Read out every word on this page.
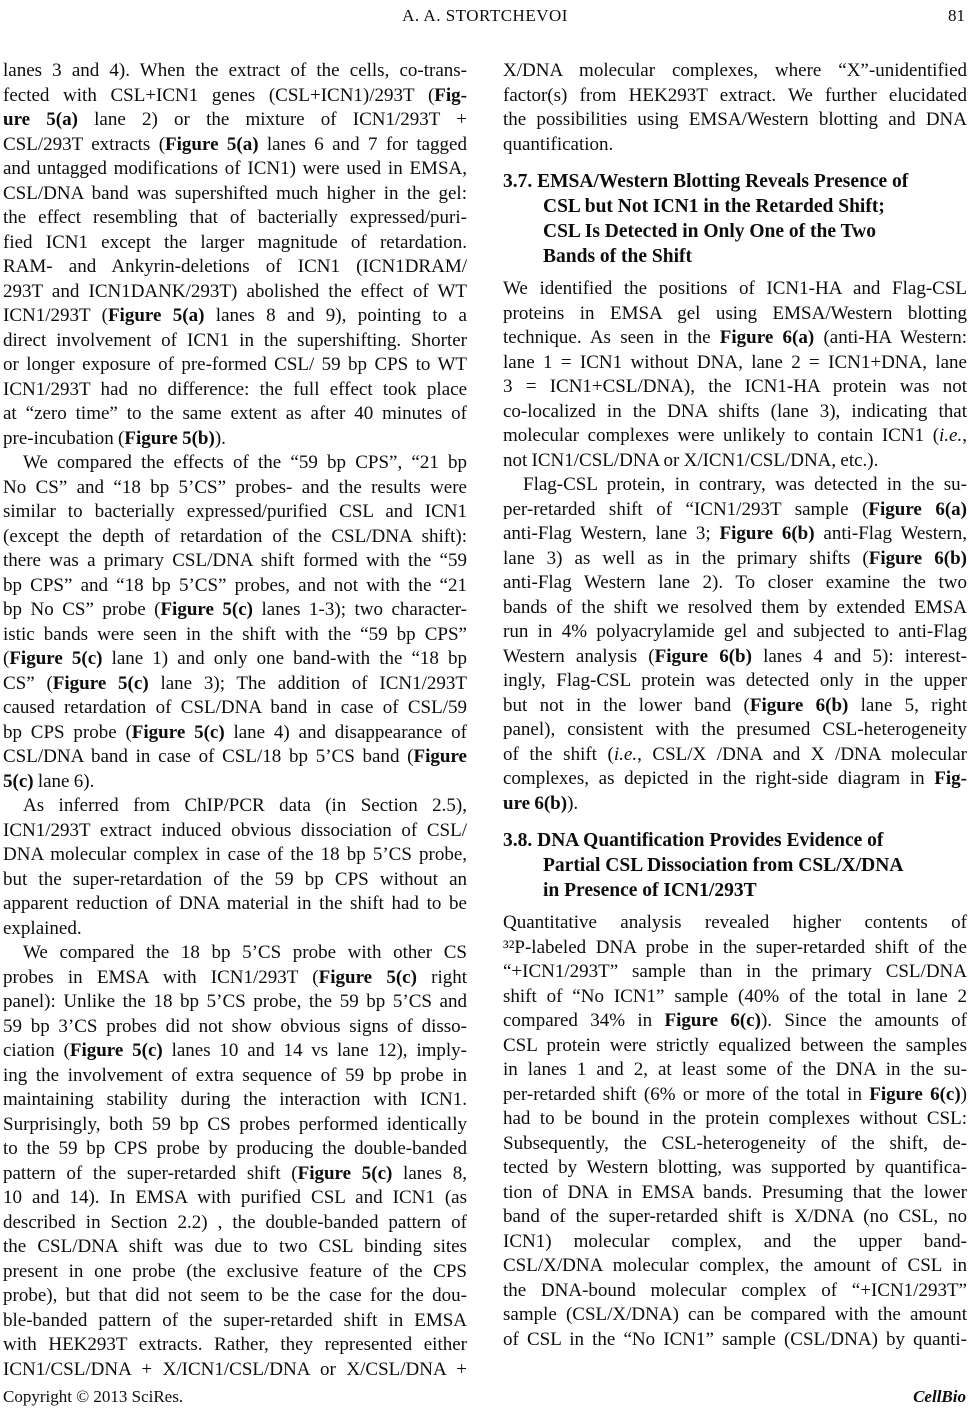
A. A. STORTCHEVOI	81
lanes 3 and 4). When the extract of the cells, co-trans-
fected with CSL+ICN1 genes (CSL+ICN1)/293T (Fig-
ure 5(a) lane 2) or the mixture of ICN1/293T +
CSL/293T extracts (Figure 5(a) lanes 6 and 7 for tagged
and untagged modifications of ICN1) were used in EMSA,
CSL/DNA band was supershifted much higher in the gel:
the effect resembling that of bacterially expressed/puri-
fied ICN1 except the larger magnitude of retardation.
RAM- and Ankyrin-deletions of ICN1 (ICN1DRAM/
293T and ICN1DANK/293T) abolished the effect of WT
ICN1/293T (Figure 5(a) lanes 8 and 9), pointing to a
direct involvement of ICN1 in the supershifting. Shorter
or longer exposure of pre-formed CSL/ 59 bp CPS to WT
ICN1/293T had no difference: the full effect took place
at “zero time” to the same extent as after 40 minutes of
pre-incubation (Figure 5(b)).
We compared the effects of the “59 bp CPS”, “21 bp
No CS” and “18 bp 5’CS” probes- and the results were
similar to bacterially expressed/purified CSL and ICN1
(except the depth of retardation of the CSL/DNA shift):
there was a primary CSL/DNA shift formed with the “59
bp CPS” and “18 bp 5’CS” probes, and not with the “21
bp No CS” probe (Figure 5(c) lanes 1-3); two character-
istic bands were seen in the shift with the “59 bp CPS”
(Figure 5(c) lane 1) and only one band-with the “18 bp
CS” (Figure 5(c) lane 3); The addition of ICN1/293T
caused retardation of CSL/DNA band in case of CSL/59
bp CPS probe (Figure 5(c) lane 4) and disappearance of
CSL/DNA band in case of CSL/18 bp 5’CS band (Figure
5(c) lane 6).
As inferred from ChIP/PCR data (in Section 2.5),
ICN1/293T extract induced obvious dissociation of CSL/
DNA molecular complex in case of the 18 bp 5’CS probe,
but the super-retardation of the 59 bp CPS without an
apparent reduction of DNA material in the shift had to be
explained.
We compared the 18 bp 5’CS probe with other CS
probes in EMSA with ICN1/293T (Figure 5(c) right
panel): Unlike the 18 bp 5’CS probe, the 59 bp 5’CS and
59 bp 3’CS probes did not show obvious signs of disso-
ciation (Figure 5(c) lanes 10 and 14 vs lane 12), imply-
ing the involvement of extra sequence of 59 bp probe in
maintaining stability during the interaction with ICN1.
Surprisingly, both 59 bp CS probes performed identically
to the 59 bp CPS probe by producing the double-banded
pattern of the super-retarded shift (Figure 5(c) lanes 8,
10 and 14). In EMSA with purified CSL and ICN1 (as
described in Section 2.2) , the double-banded pattern of
the CSL/DNA shift was due to two CSL binding sites
present in one probe (the exclusive feature of the CPS
probe), but that did not seem to be the case for the dou-
ble-banded pattern of the super-retarded shift in EMSA
with HEK293T extracts. Rather, they represented either
ICN1/CSL/DNA + X/ICN1/CSL/DNA or X/CSL/DNA +
X/DNA molecular complexes, where “X”-unidentified
factor(s) from HEK293T extract. We further elucidated
the possibilities using EMSA/Western blotting and DNA
quantification.
3.7. EMSA/Western Blotting Reveals Presence of
CSL but Not ICN1 in the Retarded Shift;
CSL Is Detected in Only One of the Two
Bands of the Shift
We identified the positions of ICN1-HA and Flag-CSL
proteins in EMSA gel using EMSA/Western blotting
technique. As seen in the Figure 6(a) (anti-HA Western:
lane 1 = ICN1 without DNA, lane 2 = ICN1+DNA, lane
3 = ICN1+CSL/DNA), the ICN1-HA protein was not
co-localized in the DNA shifts (lane 3), indicating that
molecular complexes were unlikely to contain ICN1 (i.e.,
not ICN1/CSL/DNA or X/ICN1/CSL/DNA, etc.).
Flag-CSL protein, in contrary, was detected in the su-
per-retarded shift of “ICN1/293T sample (Figure 6(a)
anti-Flag Western, lane 3; Figure 6(b) anti-Flag Western,
lane 3) as well as in the primary shifts (Figure 6(b)
anti-Flag Western lane 2). To closer examine the two
bands of the shift we resolved them by extended EMSA
run in 4% polyacrylamide gel and subjected to anti-Flag
Western analysis (Figure 6(b) lanes 4 and 5): interest-
ingly, Flag-CSL protein was detected only in the upper
but not in the lower band (Figure 6(b) lane 5, right
panel), consistent with the presumed CSL-heterogeneity
of the shift (i.e., CSL/X /DNA and X /DNA molecular
complexes, as depicted in the right-side diagram in Fig-
ure 6(b)).
3.8. DNA Quantification Provides Evidence of
Partial CSL Dissociation from CSL/X/DNA
in Presence of ICN1/293T
Quantitative analysis revealed higher contents of
³²P-labeled DNA probe in the super-retarded shift of the
“+ICN1/293T” sample than in the primary CSL/DNA
shift of “No ICN1” sample (40% of the total in lane 2
compared 34% in Figure 6(c)). Since the amounts of
CSL protein were strictly equalized between the samples
in lanes 1 and 2, at least some of the DNA in the su-
per-retarded shift (6% or more of the total in Figure 6(c))
had to be bound in the protein complexes without CSL:
Subsequently, the CSL-heterogeneity of the shift, de-
tected by Western blotting, was supported by quantifica-
tion of DNA in EMSA bands. Presuming that the lower
band of the super-retarded shift is X/DNA (no CSL, no
ICN1) molecular complex, and the upper band-
CSL/X/DNA molecular complex, the amount of CSL in
the DNA-bound molecular complex of “+ICN1/293T”
sample (CSL/X/DNA) can be compared with the amount
of CSL in the “No ICN1” sample (CSL/DNA) by quanti-
Copyright © 2013 SciRes.	CellBio
